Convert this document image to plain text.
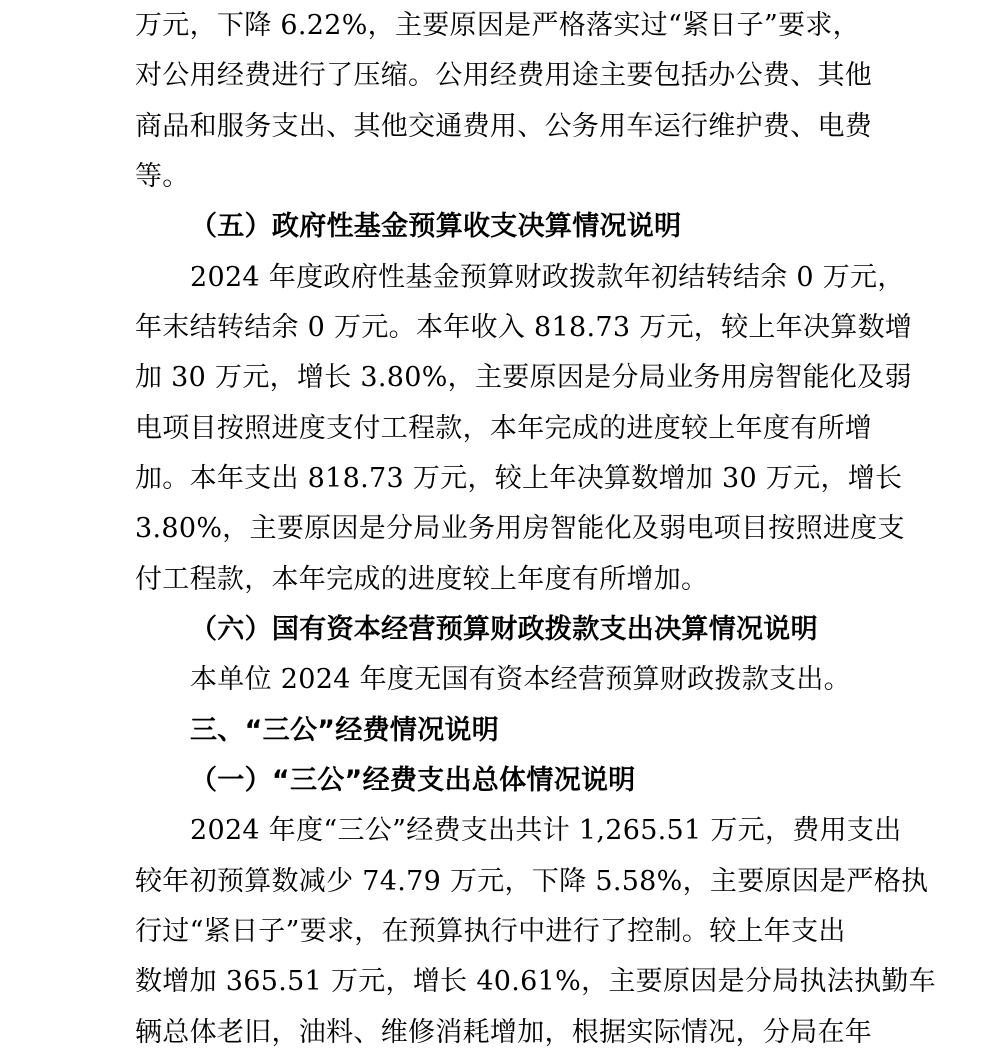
万元，下降 6.22%，主要原因是严格落实过“紧日子”要求，
对公用经费进行了压缩。公用经费用途主要包括办公费、其他
商品和服务支出、其他交通费用、公务用车运行维护费、电费
等。
（五）政府性基金预算收支决算情况说明
2024 年度政府性基金预算财政拨款年初结转结余 0 万元，
年末结转结余 0 万元。本年收入 818.73 万元，较上年决算数增
加 30 万元，增长 3.80%，主要原因是分局业务用房智能化及弱
电项目按照进度支付工程款，本年完成的进度较上年度有所增
加。本年支出 818.73 万元，较上年决算数增加 30 万元，增长
3.80%，主要原因是分局业务用房智能化及弱电项目按照进度支
付工程款，本年完成的进度较上年度有所增加。
（六）国有资本经营预算财政拨款支出决算情况说明
本单位 2024 年度无国有资本经营预算财政拨款支出。
三、“三公”经费情况说明
（一）“三公”经费支出总体情况说明
2024 年度“三公”经费支出共计 1,265.51 万元，费用支出
较年初预算数减少 74.79 万元，下降 5.58%，主要原因是严格执
行过“紧日子”要求，在预算执行中进行了控制。较上年支出
数增加 365.51 万元，增长 40.61%，主要原因是分局执法执勤车
辆总体老旧，油料、维修消耗增加，根据实际情况，分局在年
